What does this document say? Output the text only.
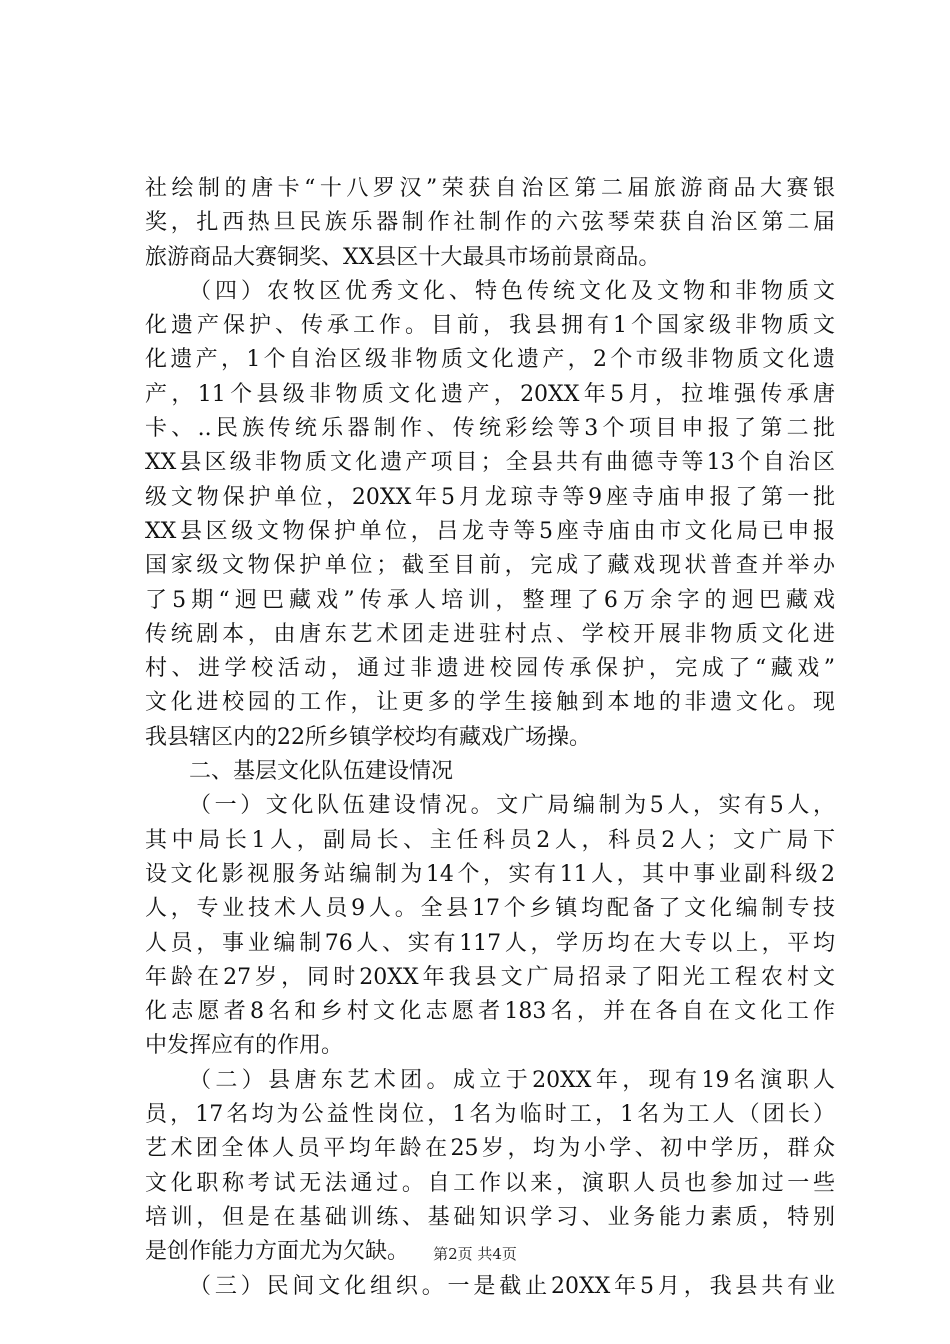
社绘制的唐卡“十八罗汉”荣获自治区第二届旅游商品大赛银
奖，扎西热旦民族乐器制作社制作的六弦琴荣获自治区第二届
旅游商品大赛铜奖、XX县区十大最具市场前景商品。
（四）农牧区优秀文化、特色传统文化及文物和非物质文
化遗产保护、传承工作。目前，我县拥有1个国家级非物质文
化遗产，1个自治区级非物质文化遗产，2个市级非物质文化遗
产，11个县级非物质文化遗产，20XX年5月，拉堆强传承唐
卡、..民族传统乐器制作、传统彩绘等3个项目申报了第二批
XX县区级非物质文化遗产项目；全县共有曲德寺等13个自治区
级文物保护单位，20XX年5月龙琼寺等9座寺庙申报了第一批
XX县区级文物保护单位，吕龙寺等5座寺庙由市文化局已申报
国家级文物保护单位；截至目前，完成了藏戏现状普查并举办
了5期“迥巴藏戏”传承人培训，整理了6万余字的迥巴藏戏
传统剧本，由唐东艺术团走进驻村点、学校开展非物质文化进
村、进学校活动，通过非遗进校园传承保护，完成了“藏戏”
文化进校园的工作，让更多的学生接触到本地的非遗文化。现
我县辖区内的22所乡镇学校均有藏戏广场操。
二、基层文化队伍建设情况
（一）文化队伍建设情况。文广局编制为5人，实有5人，
其中局长1人，副局长、主任科员2人，科员2人；文广局下
设文化影视服务站编制为14个，实有11人，其中事业副科级2
人，专业技术人员9人。全县17个乡镇均配备了文化编制专技
人员，事业编制76人、实有117人，学历均在大专以上，平均
年龄在27岁，同时20XX年我县文广局招录了阳光工程农村文
化志愿者8名和乡村文化志愿者183名，并在各自在文化工作
中发挥应有的作用。
（二）县唐东艺术团。成立于20XX年，现有19名演职人
员，17名均为公益性岗位，1名为临时工，1名为工人（团长）
艺术团全体人员平均年龄在25岁，均为小学、初中学历，群众
文化职称考试无法通过。自工作以来，演职人员也参加过一些
培训，但是在基础训练、基础知识学习、业务能力素质，特别
是创作能力方面尤为欠缺。
（三）民间文化组织。一是截止20XX年5月，我县共有业
第2页 共4页
